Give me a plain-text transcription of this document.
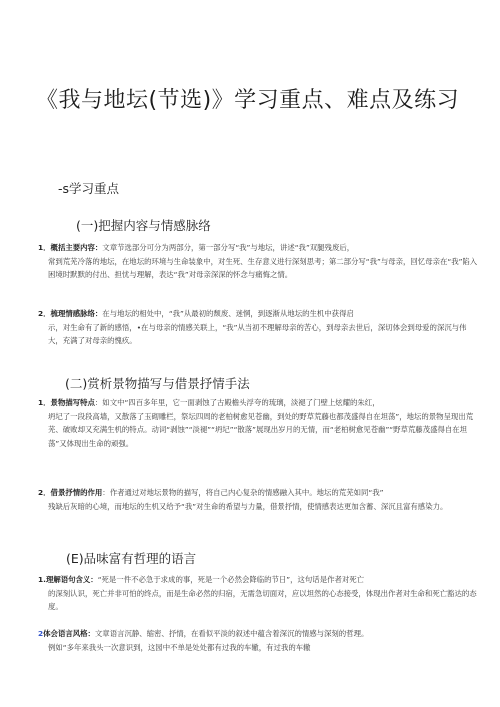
《我与地坛(节选)》学习重点、难点及练习
-s学习重点
(一)把握内容与情感脉络
1．概括主要内容：文章节选部分可分为两部分，第一部分写“我”与地坛，讲述“我”双腿残废后，
常到荒芜冷落的地坛，在地坛的环境与生命装象中，对生死、生存意义进行深刻思考；第二部分写“我”与母亲，回忆母亲在“我”陷入困境时默默的付出、担忧与理解，表达“我”对母亲深深的怀念与痛悔之情。
2．梳理情感脉络：在与地坛的相处中，“我”从最初的颓废、迷惘，到逐渐从地坛的生机中获得启
示，对生命有了新的感悟，•在与母亲的情感关联上，“我”从当初不理解母亲的苦心，到母亲去世后，深切体会到母爱的深沉与伟大，充满了对母亲的愧疚。
(二)赏析景物描写与借景抒情手法
1．景物描写特点：如文中“四百多年里，它一面剥蚀了古殿檐头浮夸的琉璃，淡褪了门壁上炫耀的朱红，
坍圮了一段段高墙，又散落了玉砌雕栏，祭坛四周的老柏树愈见苍幽，到处的野草荒藤也都茂盛得自在坦荡”，地坛的景物呈现出荒芜、破败却又充满生机的特点。动词“剥蚀”“淡褪”“坍圮”“散落”展现出岁月的无情，而“老柏树愈见苍幽”“野草荒藤茂盛得自在坦荡”又体现出生命的顽强。
2．借景抒情的作用：作者通过对地坛景物的描写，将自己内心复杂的情感融入其中。地坛的荒芜如同“我”
残缺后灰暗的心境，而地坛的生机又给予“我”对生命的希望与力量，借景抒情，使情感表达更加含蓄、深沉且富有感染力。
(E)品味富有哲理的语言
1.理解语句含义：“死是一件不必急于求成的事，死是一个必然会降临的节日”，这句话是作者对死亡
的深刻认识，死亡并非可怕的终点，而是生命必然的归宿，无需急切面对，应以坦然的心态接受，体现出作者对生命和死亡豁达的态度。
2体会语言风格：文章语言沉静、缩密、抒情，在看似平淡的叙述中蕴含着深沉的情感与深刻的哲理。
例如“多年来我头一次意识到，这园中不单是处处都有过我的车辙，有过我的车辙
